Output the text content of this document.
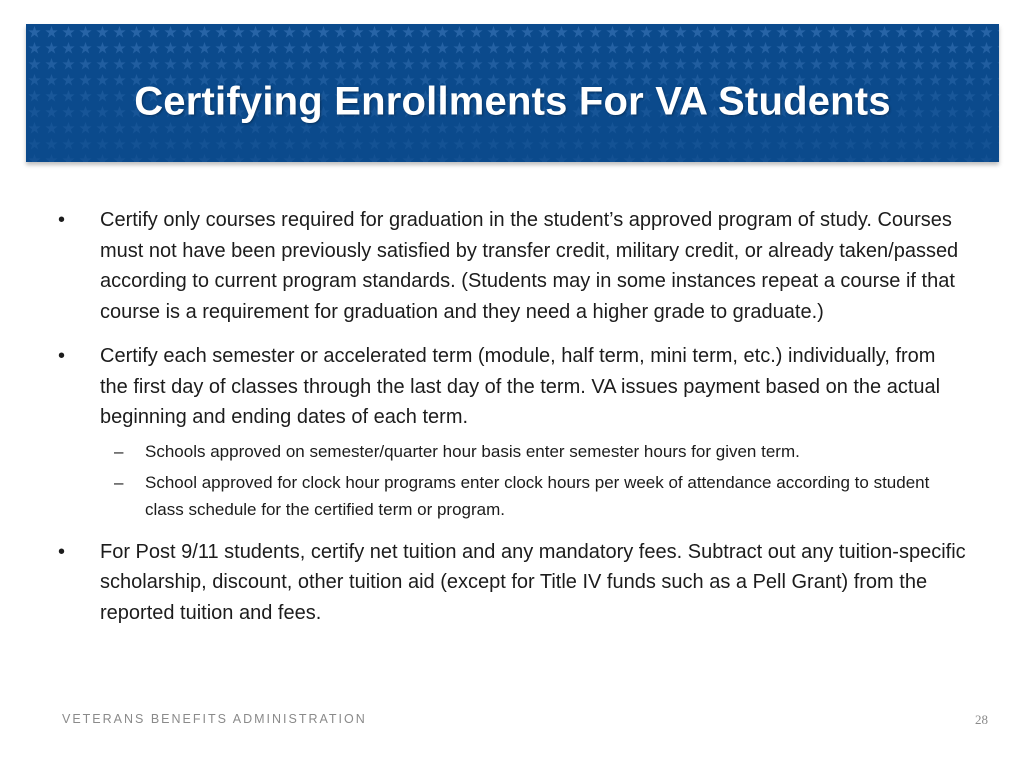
Certifying Enrollments For VA Students
•	Certify only courses required for graduation in the student’s approved program of study. Courses must not have been previously satisfied by transfer credit, military credit, or already taken/passed according to current program standards. (Students may in some instances repeat a course if that course is a requirement for graduation and they need a higher grade to graduate.)
•	Certify each semester or accelerated term (module, half term, mini term, etc.) individually, from the first day of classes through the last day of the term. VA issues payment based on the actual beginning and ending dates of each term.
– Schools approved on semester/quarter hour basis enter semester hours for given term.
– School approved for clock hour programs enter clock hours per week of attendance according to student class schedule for the certified term or program.
•	For Post 9/11 students, certify net tuition and any mandatory fees. Subtract out any tuition-specific scholarship, discount, other tuition aid (except for Title IV funds such as a Pell Grant) from the reported tuition and fees.
VETERANS BENEFITS ADMINISTRATION	28
